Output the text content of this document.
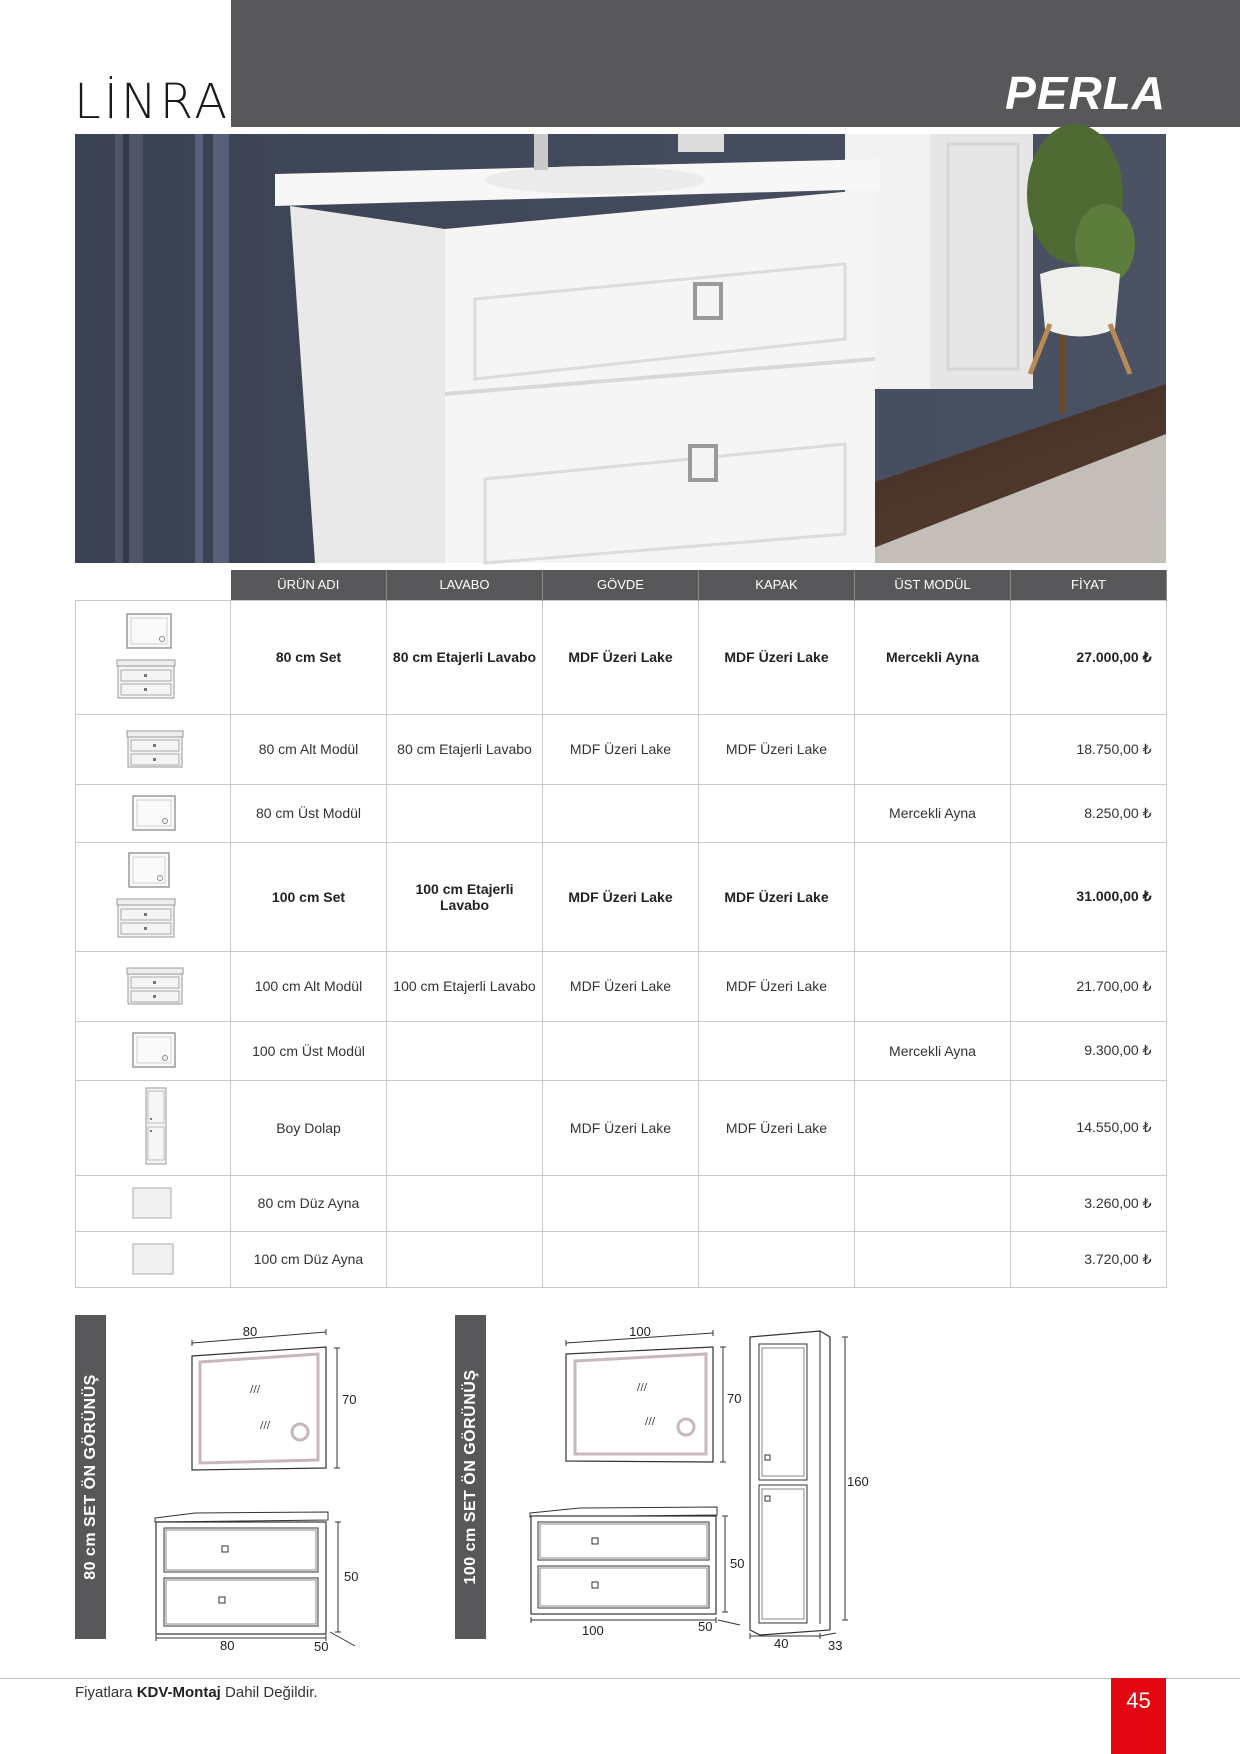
LİNRA	PERLA
	ÜRÜN ADI	LAVABO	GÖVDE	KAPAK	ÜST MODÜL	FİYAT
	80 cm Set	80 cm Etajerli Lavabo	MDF Üzeri Lake	MDF Üzeri Lake	Mercekli Ayna	27.000,00 ₺
	80 cm Alt Modül	80 cm Etajerli Lavabo	MDF Üzeri Lake	MDF Üzeri Lake		18.750,00 ₺
	80 cm Üst Modül				Mercekli Ayna	8.250,00 ₺
	100 cm Set	100 cm Etajerli Lavabo	MDF Üzeri Lake	MDF Üzeri Lake		31.000,00 ₺
	100 cm Alt Modül	100 cm Etajerli Lavabo	MDF Üzeri Lake	MDF Üzeri Lake		21.700,00 ₺
	100 cm Üst Modül				Mercekli Ayna	9.300,00 ₺
	Boy Dolap		MDF Üzeri Lake	MDF Üzeri Lake		14.550,00 ₺
	80 cm Düz Ayna					3.260,00 ₺
	100 cm Düz Ayna					3.720,00 ₺
80 cm SET ÖN GÖRÜNÜŞ
80
///
///
70
50
80	50
100 cm SET ÖN GÖRÜNÜŞ
100
///
///
70
50
100	50
160
40	33
Fiyatlara KDV-Montaj Dahil Değildir.	45
